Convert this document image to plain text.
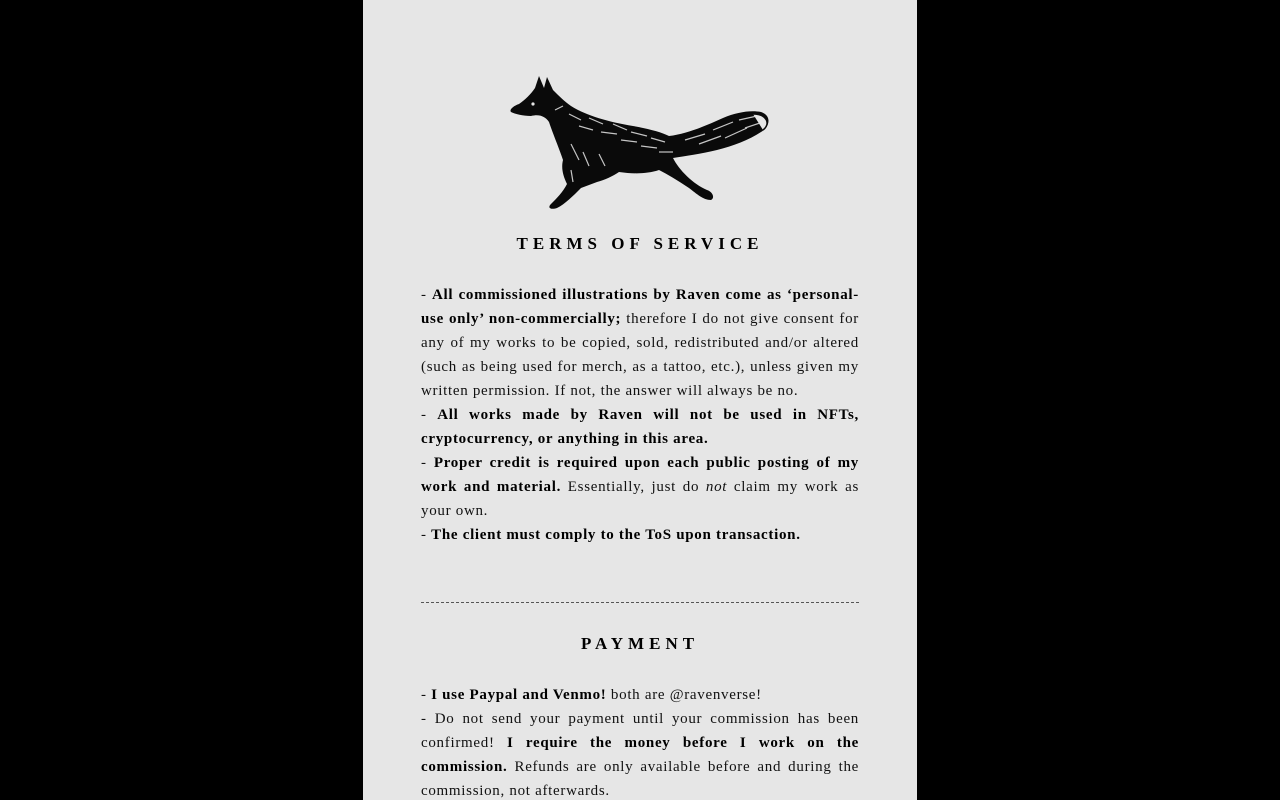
TERMS OF SERVICE

- All commissioned illustrations by Raven come as ‘personal-use only’ non-commercially; therefore I do not give consent for any of my works to be copied, sold, redistributed and/or altered (such as being used for merch, as a tattoo, etc.), unless given my written permission. If not, the answer will always be no.

- All works made by Raven will not be used in NFTs, cryptocurrency, or anything in this area.

- Proper credit is required upon each public posting of my work and material. Essentially, just do not claim my work as your own.

- The client must comply to the ToS upon transaction.

PAYMENT

- I use Paypal and Venmo! both are @ravenverse!

- Do not send your payment until your commission has been confirmed! I require the money before I work on the commission. Refunds are only available before and during the commission, not afterwards.
